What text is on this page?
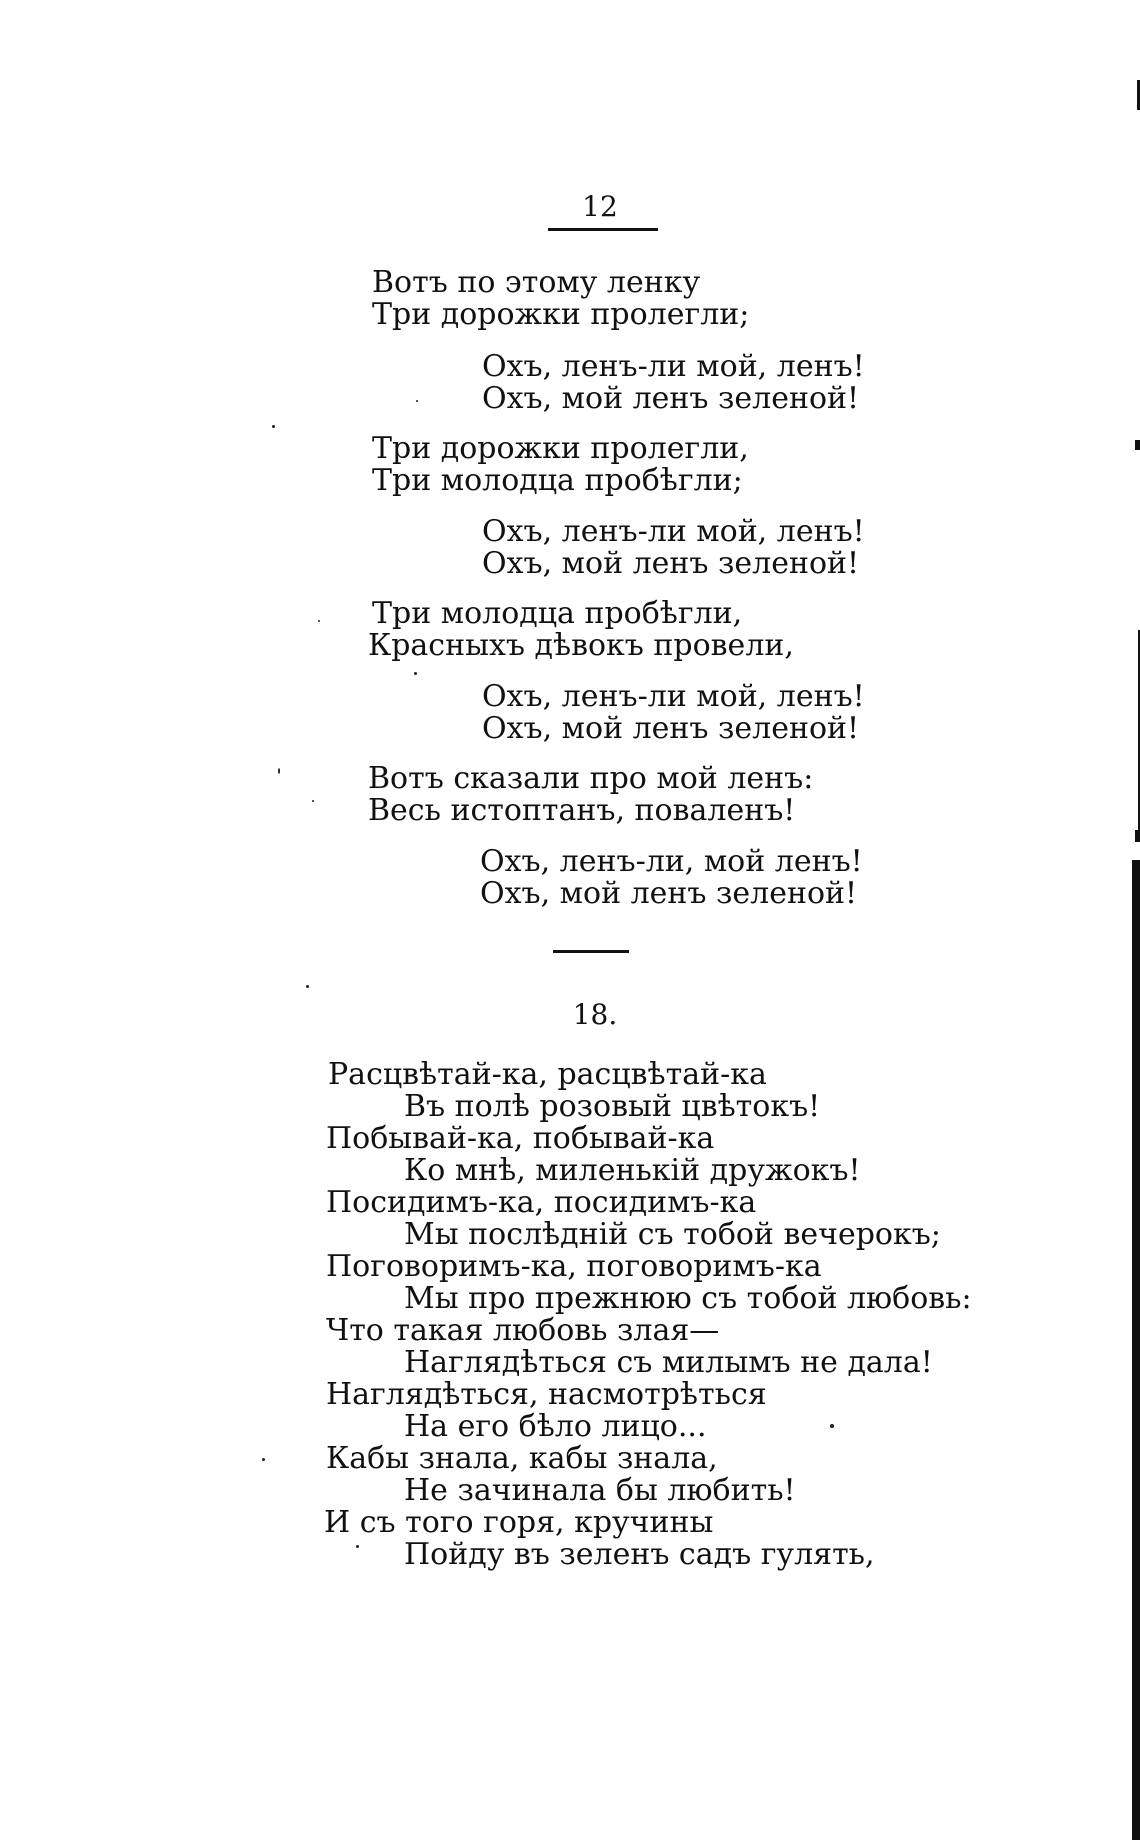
12
Вотъ по этому ленку
Три дорожки пролегли;
Охъ, ленъ-ли мой, ленъ!
Охъ, мой ленъ зеленой!
Три дорожки пролегли,
Три молодца пробѣгли;
Охъ, ленъ-ли мой, ленъ!
Охъ, мой ленъ зеленой!
Три молодца пробѣгли,
Красныхъ дѣвокъ провели,
Охъ, ленъ-ли мой, ленъ!
Охъ, мой ленъ зеленой!
Вотъ сказали про мой ленъ:
Весь истоптанъ, поваленъ!
Охъ, ленъ-ли, мой ленъ!
Охъ, мой ленъ зеленой!
18.
Расцвѣтай-ка, расцвѣтай-ка
Въ полѣ розовый цвѣтокъ!
Побывай-ка, побывай-ка
Ко мнѣ, миленькій дружокъ!
Посидимъ-ка, посидимъ-ка
Мы послѣдній съ тобой вечерокъ;
Поговоримъ-ка, поговоримъ-ка
Мы про прежнюю съ тобой любовь:
Что такая любовь злая—
Наглядѣться съ милымъ не дала!
Наглядѣться, насмотрѣться
На его бѣло лицо...
Кабы знала, кабы знала,
Не зачинала бы любить!
И съ того горя, кручины
Пойду въ зеленъ садъ гулять,
